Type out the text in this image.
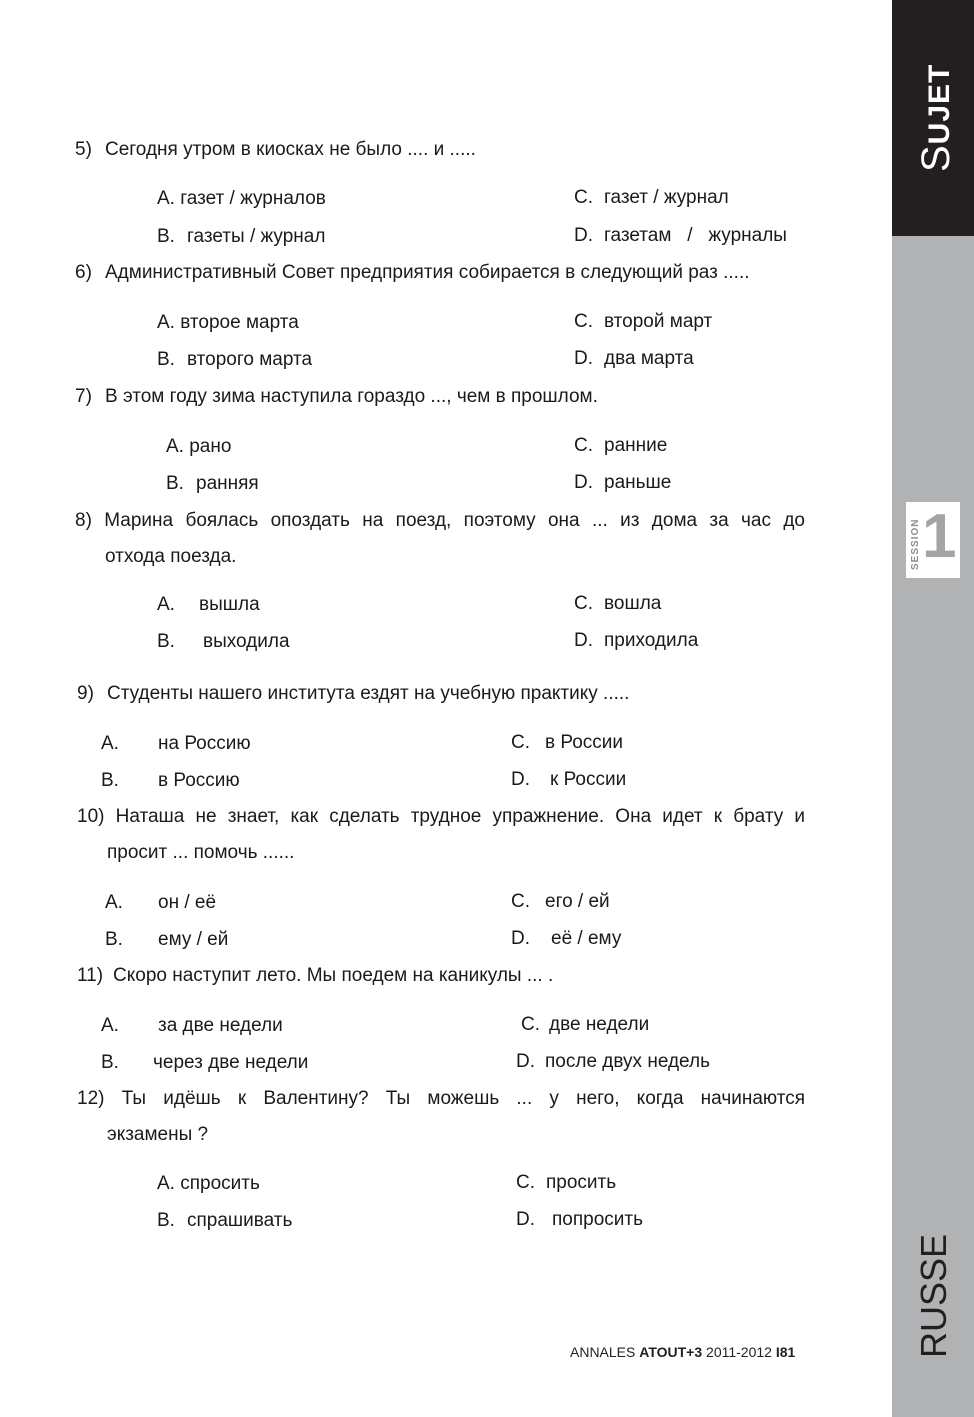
SUJET
SESSION 1
RUSSE
5) Сегодня утром в киосках не было .... и .....
A. газет / журналов
B. газеты / журнал
C. газет / журнал
D. газетам   /   журналы
6) Административный Совет предприятия собирается в следующий раз .....
A. второе марта
B. второго марта
C. второй март
D. два марта
7) В этом году зима наступила гораздо ..., чем в прошлом.
A. рано
B. ранняя
C. ранние
D. раньше
8) Марина боялась опоздать на поезд, поэтому она ... из дома за час до
отхода поезда.
A. вышла
B. выходила
C. вошла
D. приходила
9) Студенты нашего института ездят на учебную практику .....
A. на Россию
B. в Россию
C. в России
D. к России
10) Наташа не знает, как сделать трудное упражнение. Она идет к брату и
просит ... помочь ......
A. он / её
B. ему / ей
C. его / ей
D. её / ему
11) Скоро наступит лето. Мы поедем на каникулы ... .
A. за две недели
B. через две недели
C. две недели
D. после двух недель
12) Ты идёшь к Валентину? Ты можешь ... у него, когда начинаются
экзамены ?
A. спросить
B. спрашивать
C. просить
D. попросить
ANNALES ATOUT+3 2011-2012 I81
